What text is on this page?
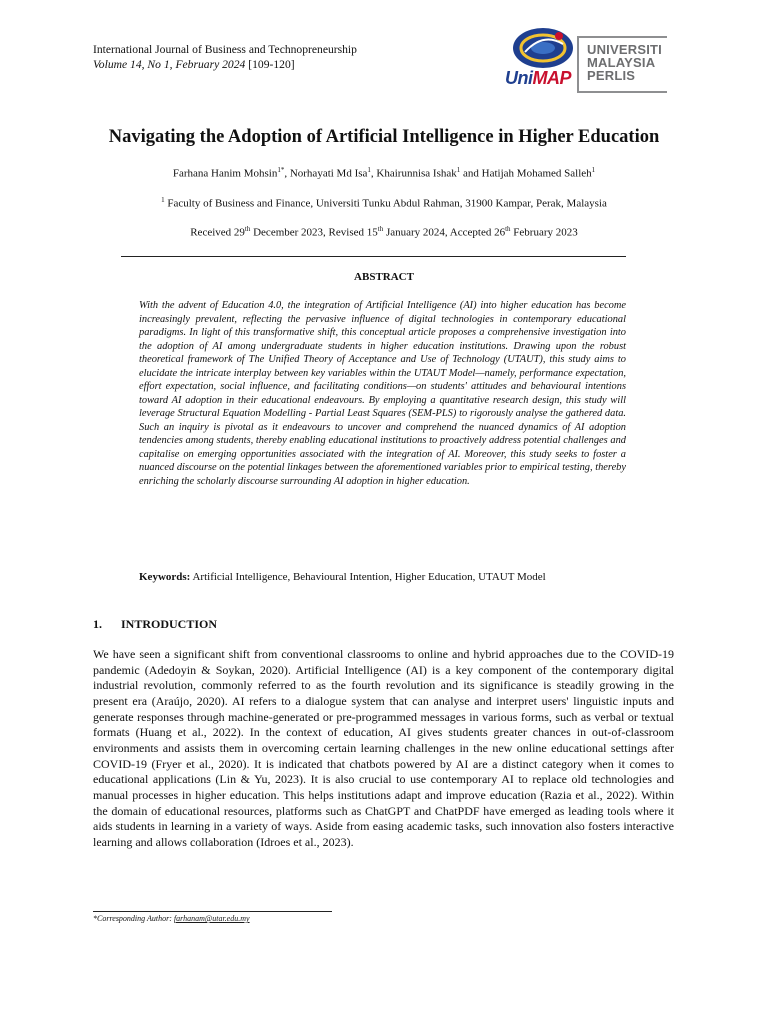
International Journal of Business and Technopreneurship
Volume 14, No 1, February 2024 [109-120]
UniMAP
UNIVERSITI
MALAYSIA
PERLIS
Navigating the Adoption of Artificial Intelligence in Higher Education
Farhana Hanim Mohsin$^{1*}$, Norhayati Md Isa$^1$, Khairunnisa Ishak$^1$ and Hatijah Mohamed Salleh$^1$
$^1$ Faculty of Business and Finance, Universiti Tunku Abdul Rahman, 31900 Kampar, Perak, Malaysia
Received 29th December 2023, Revised 15th January 2024, Accepted 26th February 2023
ABSTRACT
With the advent of Education 4.0, the integration of Artificial Intelligence (AI) into higher education has become increasingly prevalent, reflecting the pervasive influence of digital technologies in contemporary educational paradigms. In light of this transformative shift, this conceptual article proposes a comprehensive investigation into the adoption of AI among undergraduate students in higher education institutions. Drawing upon the robust theoretical framework of The Unified Theory of Acceptance and Use of Technology (UTAUT), this study aims to elucidate the intricate interplay between key variables within the UTAUT Model—namely, performance expectation, effort expectation, social influence, and facilitating conditions—on students' attitudes and behavioural intentions toward AI adoption in their educational endeavours. By employing a quantitative research design, this study will leverage Structural Equation Modelling - Partial Least Squares (SEM-PLS) to rigorously analyse the gathered data. Such an inquiry is pivotal as it endeavours to uncover and comprehend the nuanced dynamics of AI adoption tendencies among students, thereby enabling educational institutions to proactively address potential challenges and capitalise on emerging opportunities associated with the integration of AI. Moreover, this study seeks to foster a nuanced discourse on the potential linkages between the aforementioned variables prior to empirical testing, thereby enriching the scholarly discourse surrounding AI adoption in higher education.
Keywords: Artificial Intelligence, Behavioural Intention, Higher Education, UTAUT Model
1. INTRODUCTION
We have seen a significant shift from conventional classrooms to online and hybrid approaches due to the COVID-19 pandemic (Adedoyin & Soykan, 2020). Artificial Intelligence (AI) is a key component of the contemporary digital industrial revolution, commonly referred to as the fourth revolution and its significance is steadily growing in the present era (Araújo, 2020). AI refers to a dialogue system that can analyse and interpret users' linguistic inputs and generate responses through machine-generated or pre-programmed messages in various forms, such as verbal or textual formats (Huang et al., 2022). In the context of education, AI gives students greater chances in out-of-classroom environments and assists them in overcoming certain learning challenges in the new online educational settings after COVID-19 (Fryer et al., 2020). It is indicated that chatbots powered by AI are a distinct category when it comes to educational applications (Lin & Yu, 2023). It is also crucial to use contemporary AI to replace old technologies and manual processes in higher education. This helps institutions adapt and improve education (Razia et al., 2022). Within the domain of educational resources, platforms such as ChatGPT and ChatPDF have emerged as leading tools where it aids students in learning in a variety of ways. Aside from easing academic tasks, such innovation also fosters interactive learning and allows collaboration (Idroes et al., 2023).
*Corresponding Author: farhanam@utar.edu.my
